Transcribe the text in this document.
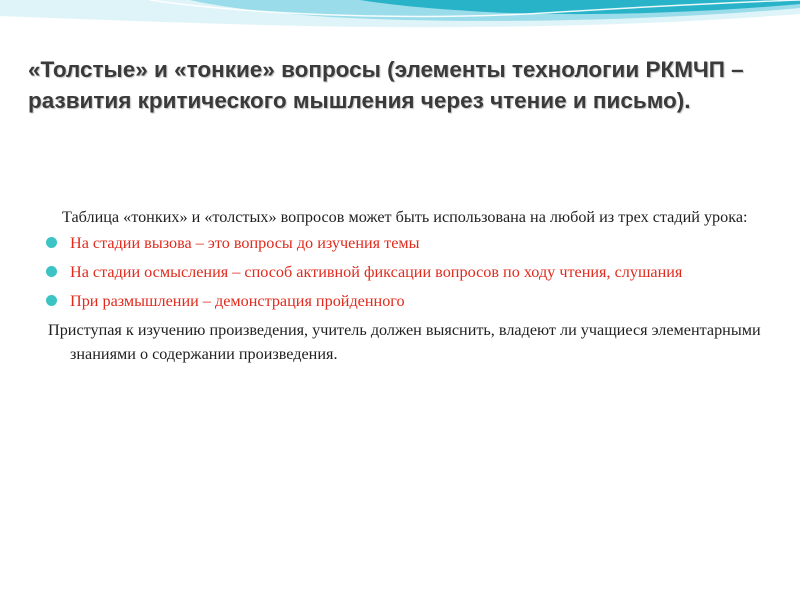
«Толстые» и «тонкие» вопросы (элементы технологии РКМЧП – развития критического мышления через чтение и письмо).

Таблица «тонких» и «толстых» вопросов может быть использована на любой из трех стадий урока:

На стадии вызова – это вопросы до изучения темы
На стадии осмысления – способ активной фиксации вопросов по ходу чтения, слушания
При размышлении – демонстрация пройденного

Приступая к изучению произведения, учитель должен выяснить, владеют ли учащиеся элементарными знаниями о содержании произведения.
